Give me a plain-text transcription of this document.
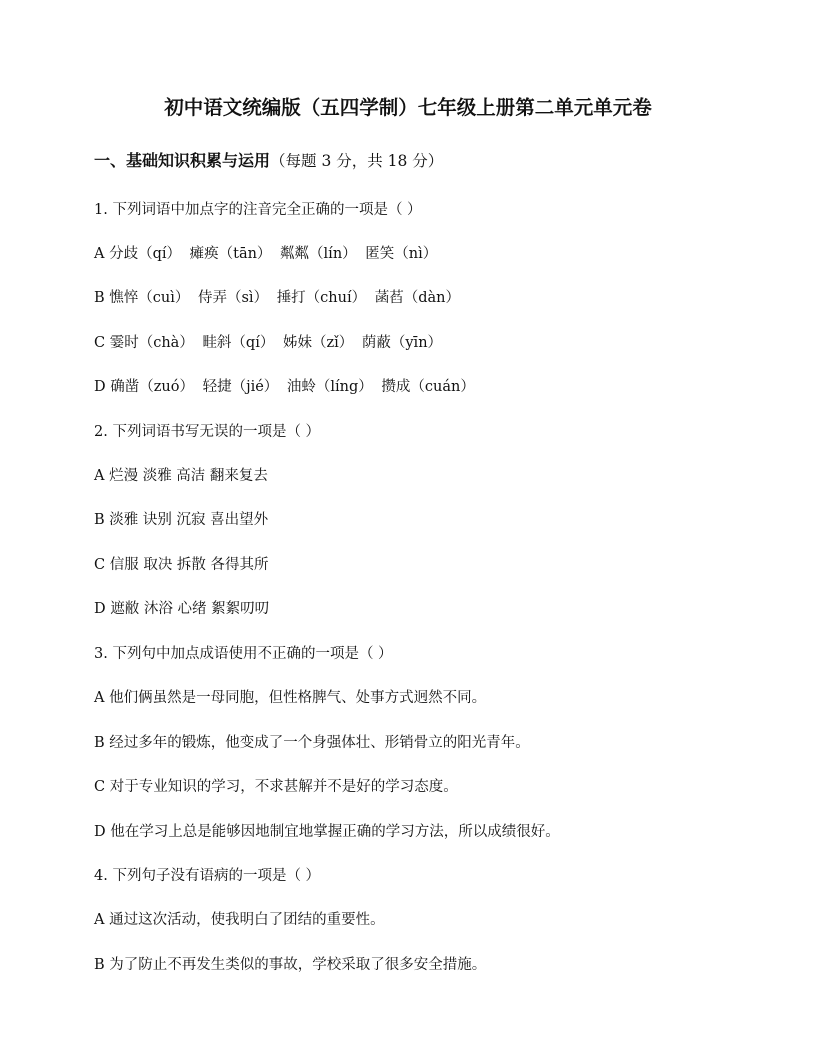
初中语文统编版（五四学制）七年级上册第二单元单元卷
一、基础知识积累与运用（每题 3 分，共 18 分）
1. 下列词语中加点字的注音完全正确的一项是（ ）
A 分歧（qí） 瘫痪（tān） 粼粼（lín） 匿笑（nì）
B 憔悴（cuì） 侍弄（sì） 捶打（chuí） 菡萏（dàn）
C 霎时（chà） 畦斜（qí） 姊妹（zǐ） 荫蔽（yīn）
D 确凿（zuó） 轻捷（jié） 油蛉（líng） 攒成（cuán）
2. 下列词语书写无误的一项是（ ）
A 烂漫 淡雅 高洁 翻来复去
B 淡雅 诀别 沉寂 喜出望外
C 信服 取决 拆散 各得其所
D 遮敝 沐浴 心绪 絮絮叨叨
3. 下列句中加点成语使用不正确的一项是（ ）
A 他们俩虽然是一母同胞，但性格脾气、处事方式迥然不同。
B 经过多年的锻炼，他变成了一个身强体壮、形销骨立的阳光青年。
C 对于专业知识的学习，不求甚解并不是好的学习态度。
D 他在学习上总是能够因地制宜地掌握正确的学习方法，所以成绩很好。
4. 下列句子没有语病的一项是（ ）
A 通过这次活动，使我明白了团结的重要性。
B 为了防止不再发生类似的事故，学校采取了很多安全措施。
